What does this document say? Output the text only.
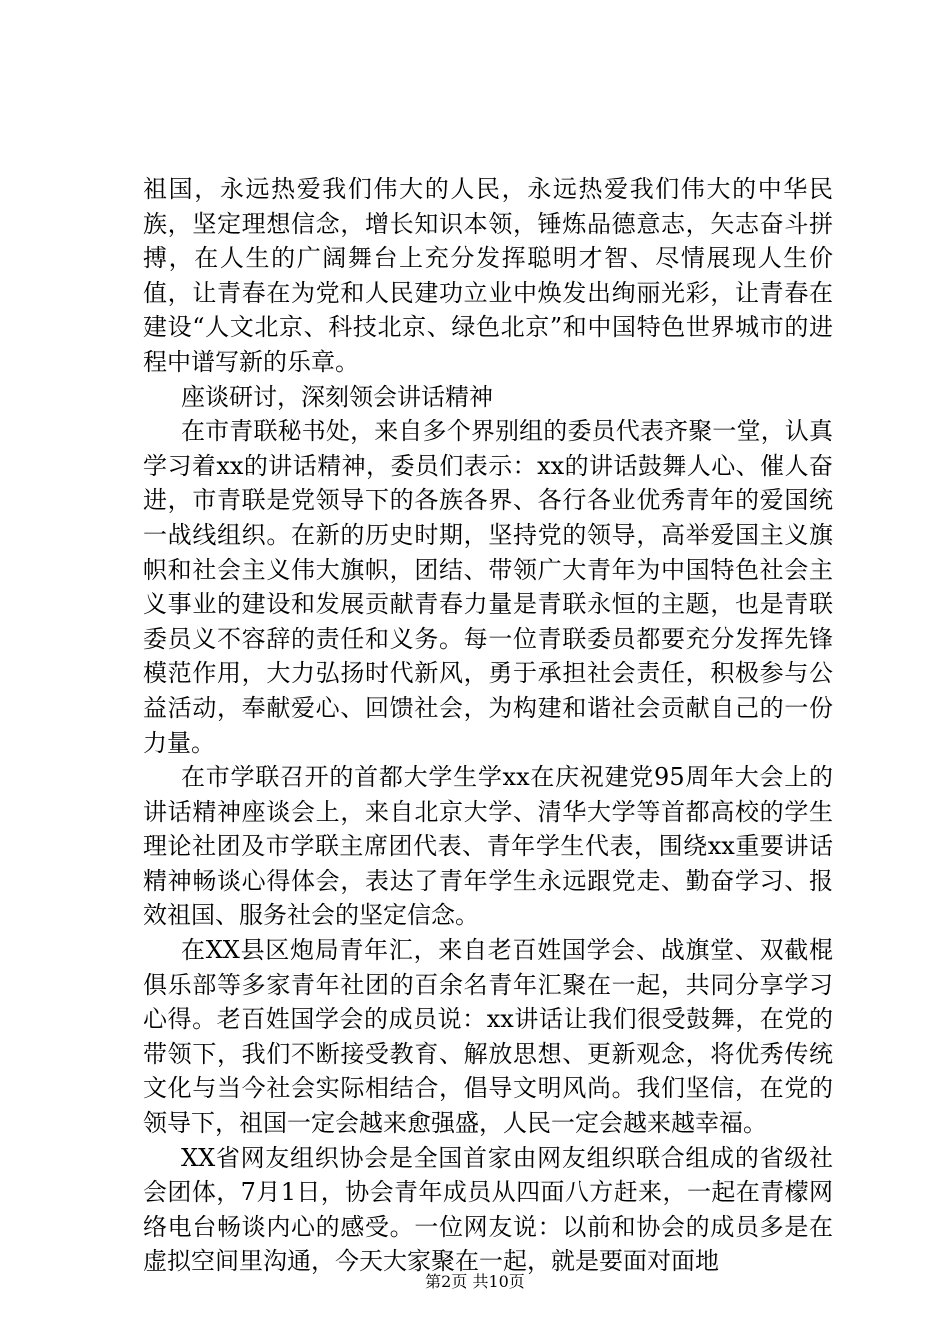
祖国，永远热爱我们伟大的人民，永远热爱我们伟大的中华民族，坚定理想信念，增长知识本领，锤炼品德意志，矢志奋斗拼搏，在人生的广阔舞台上充分发挥聪明才智、尽情展现人生价值，让青春在为党和人民建功立业中焕发出绚丽光彩，让青春在建设“人文北京、科技北京、绿色北京”和中国特色世界城市的进程中谱写新的乐章。

座谈研讨，深刻领会讲话精神

在市青联秘书处，来自多个界别组的委员代表齐聚一堂，认真学习着xx的讲话精神，委员们表示：xx的讲话鼓舞人心、催人奋进，市青联是党领导下的各族各界、各行各业优秀青年的爱国统一战线组织。在新的历史时期，坚持党的领导，高举爱国主义旗帜和社会主义伟大旗帜，团结、带领广大青年为中国特色社会主义事业的建设和发展贡献青春力量是青联永恒的主题，也是青联委员义不容辞的责任和义务。每一位青联委员都要充分发挥先锋模范作用，大力弘扬时代新风，勇于承担社会责任，积极参与公益活动，奉献爱心、回馈社会，为构建和谐社会贡献自己的一份力量。

在市学联召开的首都大学生学xx在庆祝建党95周年大会上的讲话精神座谈会上，来自北京大学、清华大学等首都高校的学生理论社团及市学联主席团代表、青年学生代表，围绕xx重要讲话精神畅谈心得体会，表达了青年学生永远跟党走、勤奋学习、报效祖国、服务社会的坚定信念。

在XX县区炮局青年汇，来自老百姓国学会、战旗堂、双截棍俱乐部等多家青年社团的百余名青年汇聚在一起，共同分享学习心得。老百姓国学会的成员说：xx讲话让我们很受鼓舞，在党的带领下，我们不断接受教育、解放思想、更新观念，将优秀传统文化与当今社会实际相结合，倡导文明风尚。我们坚信，在党的领导下，祖国一定会越来愈强盛，人民一定会越来越幸福。

XX省网友组织协会是全国首家由网友组织联合组成的省级社会团体，7月1日，协会青年成员从四面八方赶来，一起在青檬网络电台畅谈内心的感受。一位网友说：以前和协会的成员多是在虚拟空间里沟通，今天大家聚在一起，就是要面对面地

第2页 共10页
